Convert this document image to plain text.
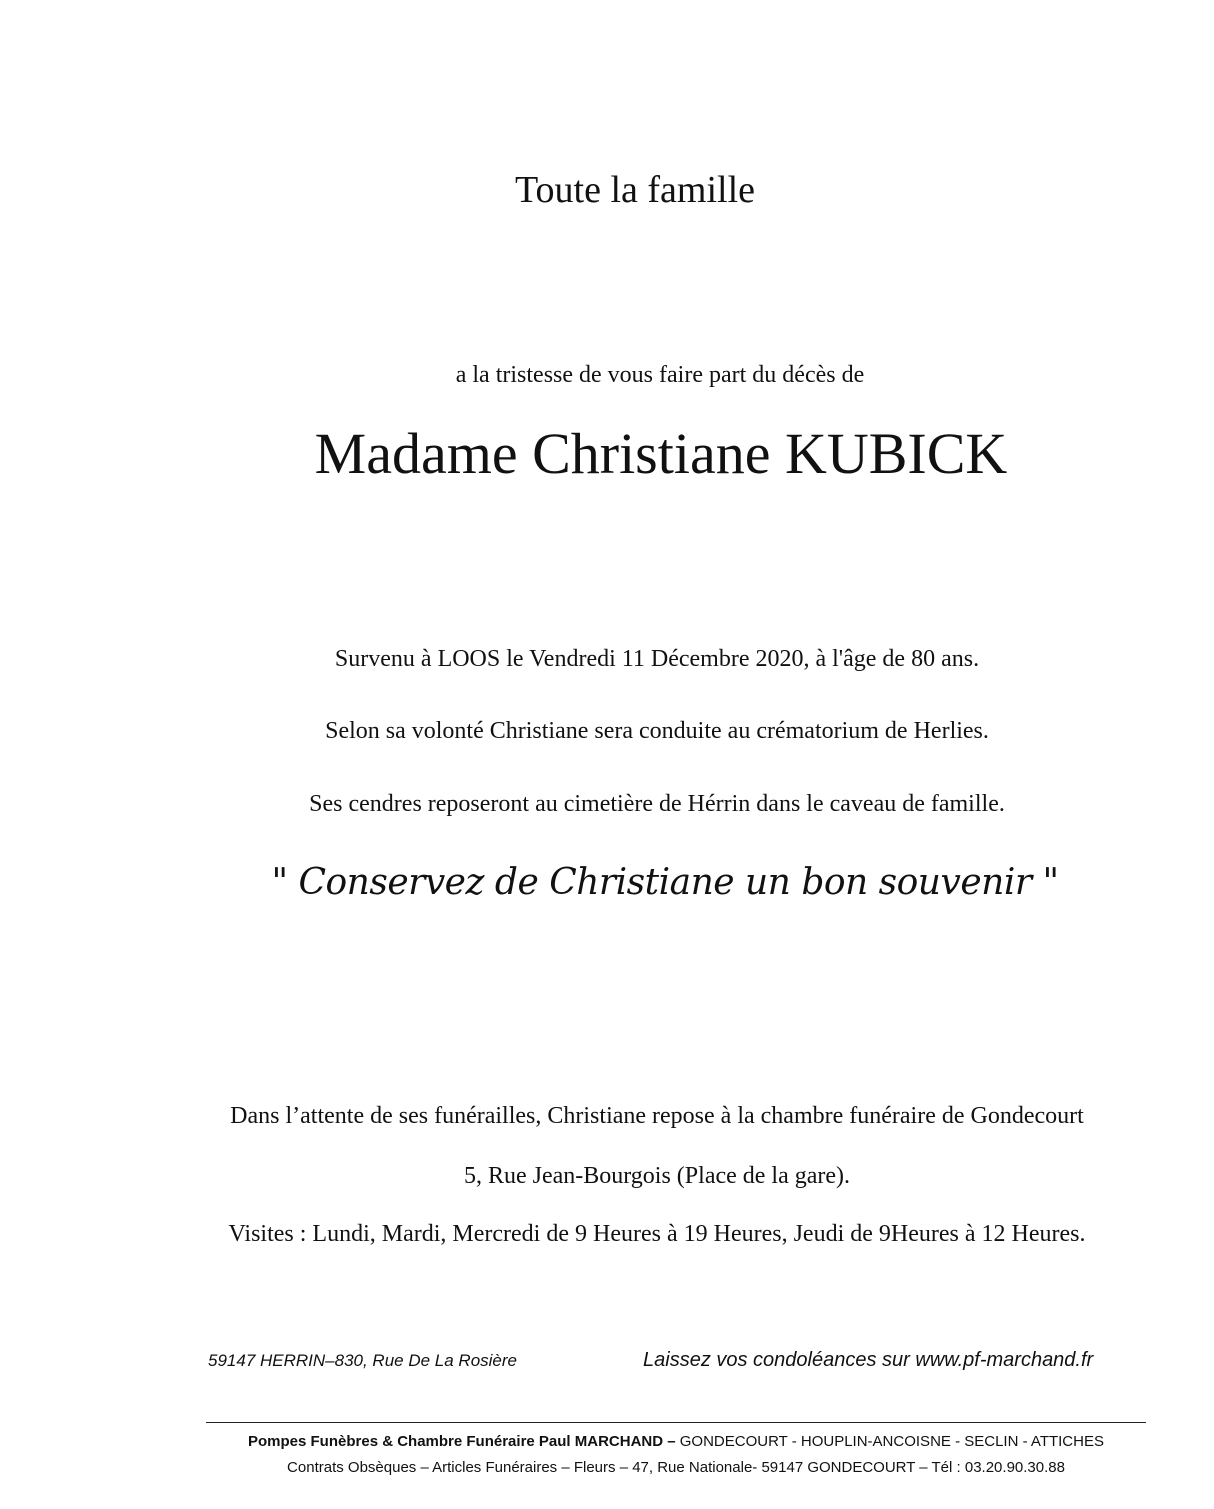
Toute la famille
a la tristesse de vous faire part du décès de
Madame Christiane KUBICK
Survenu à LOOS le Vendredi 11 Décembre 2020, à l'âge de 80 ans.
Selon sa volonté Christiane sera conduite au crématorium de Herlies.
Ses cendres reposeront au cimetière de Hérrin dans le caveau de famille.
" Conservez de Christiane un bon souvenir "
Dans l’attente de ses funérailles, Christiane repose à la chambre funéraire de Gondecourt
5, Rue Jean-Bourgois (Place de la gare).
Visites : Lundi, Mardi, Mercredi de 9 Heures à 19 Heures, Jeudi de 9Heures à 12 Heures.
59147 HERRIN–830, Rue De La Rosière	Laissez vos condoléances sur www.pf-marchand.fr
Pompes Funèbres & Chambre Funéraire Paul MARCHAND – GONDECOURT - HOUPLIN-ANCOISNE - SECLIN - ATTICHES
Contrats Obsèques – Articles Funéraires – Fleurs – 47, Rue Nationale- 59147 GONDECOURT – Tél : 03.20.90.30.88
